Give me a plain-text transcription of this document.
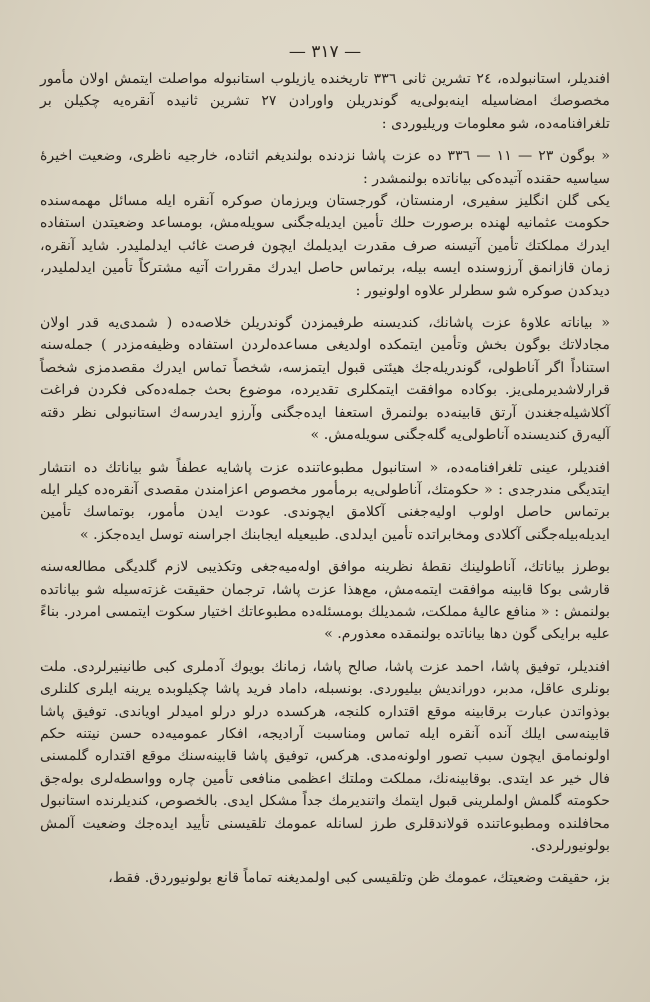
— ٣١٧ —

افندیلر، استانبولده، ٢٤ تشرین ثانی ٣٣٦ تاریخنده یازیلوب استانبوله مواصلت ایتمش اولان مأمور مخصوصك امضاسیله اینه‌بولی‌یه گوندریلن واورادن ٢٧ تشرین ثانیده آنقره‌یه چکیلن بر تلغرافنامه‌ده، شو معلومات وریلیوردی :

« بوگون ٢٣ — ١١ — ٣٣٦ ده عزت پاشا نزدنده بولندیغم اثناده، خارجیه ناظری، وضعیت اخیرهٔ سیاسیه حقنده آتیده‌کی بیاناتده بولنمشدر :

یکی گلن انگلیز سفیری، ارمنستان، گورجستان ویرزمان صوکره آنقره ایله مسائل مهمه‌سنده حکومت عثمانیه لهنده برصورت حلك تأمین ایدیله‌جگنی سویله‌مش، بومساعد وضعیتدن استفاده ایدرك مملکتك تأمین آتیسنه صرف مقدرت ایدیلمك ایچون فرصت غائب ایدلملیدر. شاید آنقره، زمان قازانمق آرزوسنده ایسه بیله، برتماس حاصل ایدرك مقررات آتیه مشترکاً تأمین ایدلملیدر، دیدکدن صوکره شو سطرلر علاوه اولونیور :

« بیاناته علاوهٔ عزت پاشانك، کندیسنه طرفیمزدن گوندریلن خلاصه‌ده ( شمدی‌یه قدر اولان مجادلاتك بوگون بخش وتأمین ایتمکده اولدیغی مساعده‌لردن استفاده وظیفه‌مزدر ) جمله‌سنه استناداً اگر آناطولی، گوندریله‌جك هیئتی قبول ایتمزسه، شخصاً تماس ایدرك مقصدمزی شخصاً قرارلاشدیرملی‌یز. بوکاده موافقت ایتمکلری تقدیرده، موضوع بحث جمله‌ده‌کی فکردن فراغت آکلاشیله‌جغندن آرتق قابینه‌ده بولنمرق استعفا ایده‌جگنی وآرزو ایدرسه‌ك استانبولی نظر دقته آلیه‌رق کندیسنده آناطولی‌یه گله‌جگنی سویله‌مش. »

افندیلر، عینی تلغرافنامه‌ده، « استانبول مطبوعاتنده عزت پاشایه عطفاً شو بیاناتك ده انتشار ایتدیگی مندرجدی : « حکومتك، آناطولی‌یه برمأمور مخصوص اعزامندن مقصدی آنقره‌ده کیلر ایله برتماس حاصل اولوب اولیه‌جغنی آکلامق ایچوندی. عودت ایدن مأمور، بوتماسك تأمین ایدیله‌بیله‌جگنی آکلادی ومخابراتده تأمین ایدلدی. طبیعیله ایجابنك اجراسنه توسل ایده‌جکز. »

بوطرز بیاناتك، آناطولینك نقطهٔ نظرینه موافق اوله‌میه‌جغی وتکذیبی لازم گلدیگی مطالعه‌سنه قارشی بوکا قابینه موافقت ایتمه‌مش، مع‌هذا عزت پاشا، ترجمان حقیقت غزته‌سیله شو بیاناتده بولنمش : « منافع عالیهٔ مملکت، شمدیلك بومسئله‌ده مطبوعاتك اختیار سکوت ایتمسی امردر. بناءً علیه برایکی گون دها بیاناتده بولنمقده معذورم. »

افندیلر، توفیق پاشا، احمد عزت پاشا، صالح پاشا، زمانك بویوك آدملری کبی طانینیرلردی. ملت بونلری عاقل، مدبر، دوراندیش بیلیوردی. بونسبله، داماد فرید پاشا چکیلوبده یرینه ایلری کلنلری بوذواتدن عبارت برقابینه موقع اقتداره کلنجه، هرکسده درلو درلو امیدلر اویاندی. توفیق پاشا قابینه‌سی ایلك آنده آنقره ایله تماس ومناسبت آرادیجه، افکار عمومیه‌ده حسن نیتنه حکم اولونمامق ایچون سبب تصور اولونه‌مدی. هرکس، توفیق پاشا قابینه‌سنك موقع اقتداره گلمسنی فال خیر عد ایتدی. بوقابینه‌نك، مملکت وملتك اعظمی منافعی تأمین چاره وواسطه‌لری بوله‌جق حکومته گلمش اولملرینی قبول ایتمك واتندیرمك جداً مشکل ایدی. بالخصوص، کندیلرنده استانبول محافلنده ومطبوعاتنده قولاندقلری طرز لسانله عمومك تلقیسنی تأیید ایده‌جك وضعیت آلمش بولونیورلردی.

بز، حقیقت وضعیتك، عمومك ظن وتلقیسی کبی اولمدیغنه تماماً قانع بولونیوردق. فقط،
